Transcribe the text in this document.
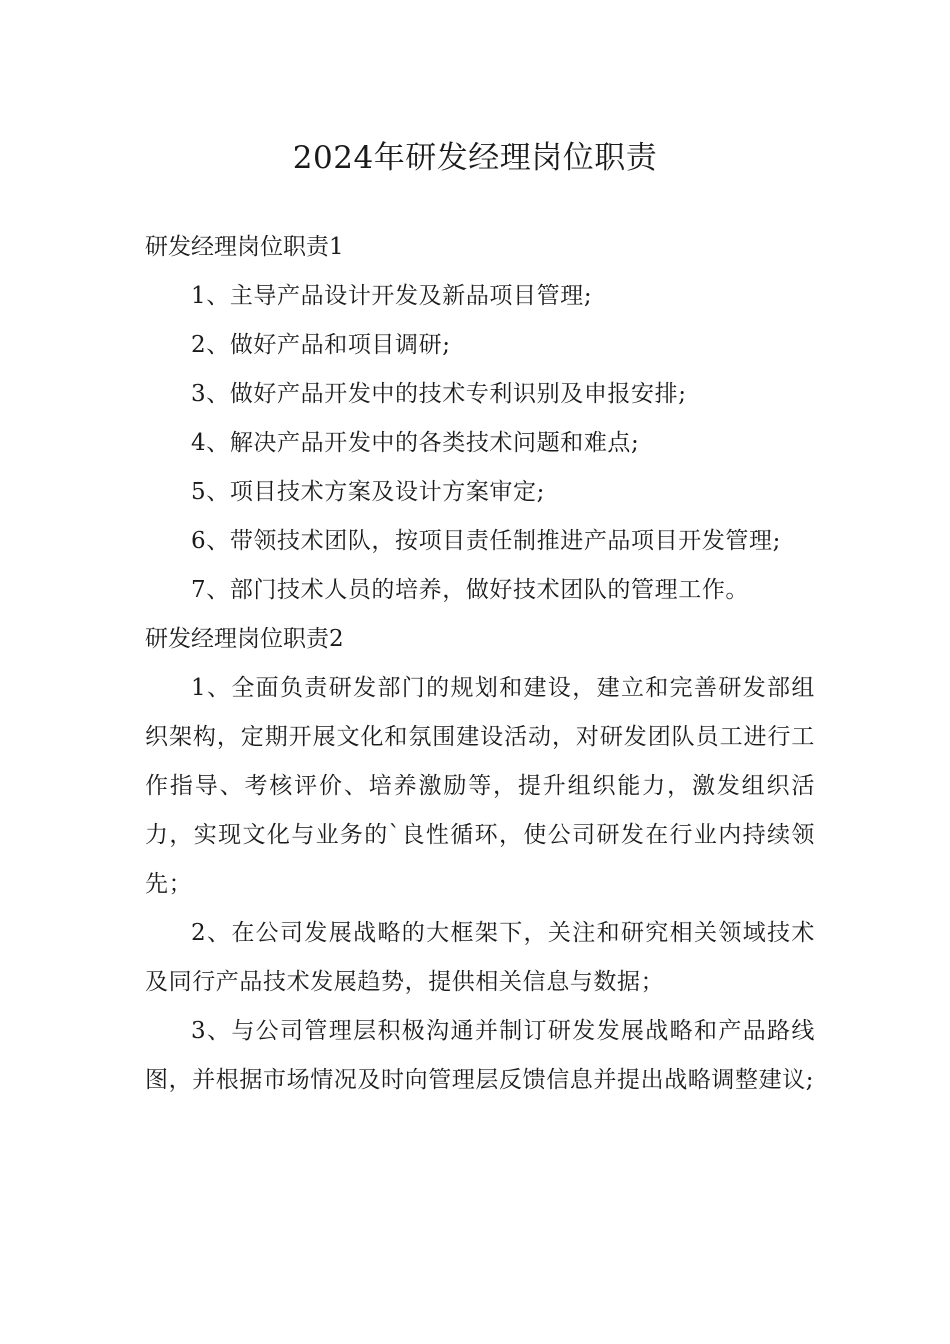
2024年研发经理岗位职责

研发经理岗位职责1

1、主导产品设计开发及新品项目管理;

2、做好产品和项目调研;

3、做好产品开发中的技术专利识别及申报安排;

4、解决产品开发中的各类技术问题和难点;

5、项目技术方案及设计方案审定;

6、带领技术团队，按项目责任制推进产品项目开发管理;

7、部门技术人员的培养，做好技术团队的管理工作。

研发经理岗位职责2

1、全面负责研发部门的规划和建设，建立和完善研发部组织架构，定期开展文化和氛围建设活动，对研发团队员工进行工作指导、考核评价、培养激励等，提升组织能力，激发组织活力，实现文化与业务的`良性循环，使公司研发在行业内持续领先；

2、在公司发展战略的大框架下，关注和研究相关领域技术及同行产品技术发展趋势，提供相关信息与数据；

3、与公司管理层积极沟通并制订研发发展战略和产品路线图，并根据市场情况及时向管理层反馈信息并提出战略调整建议;
